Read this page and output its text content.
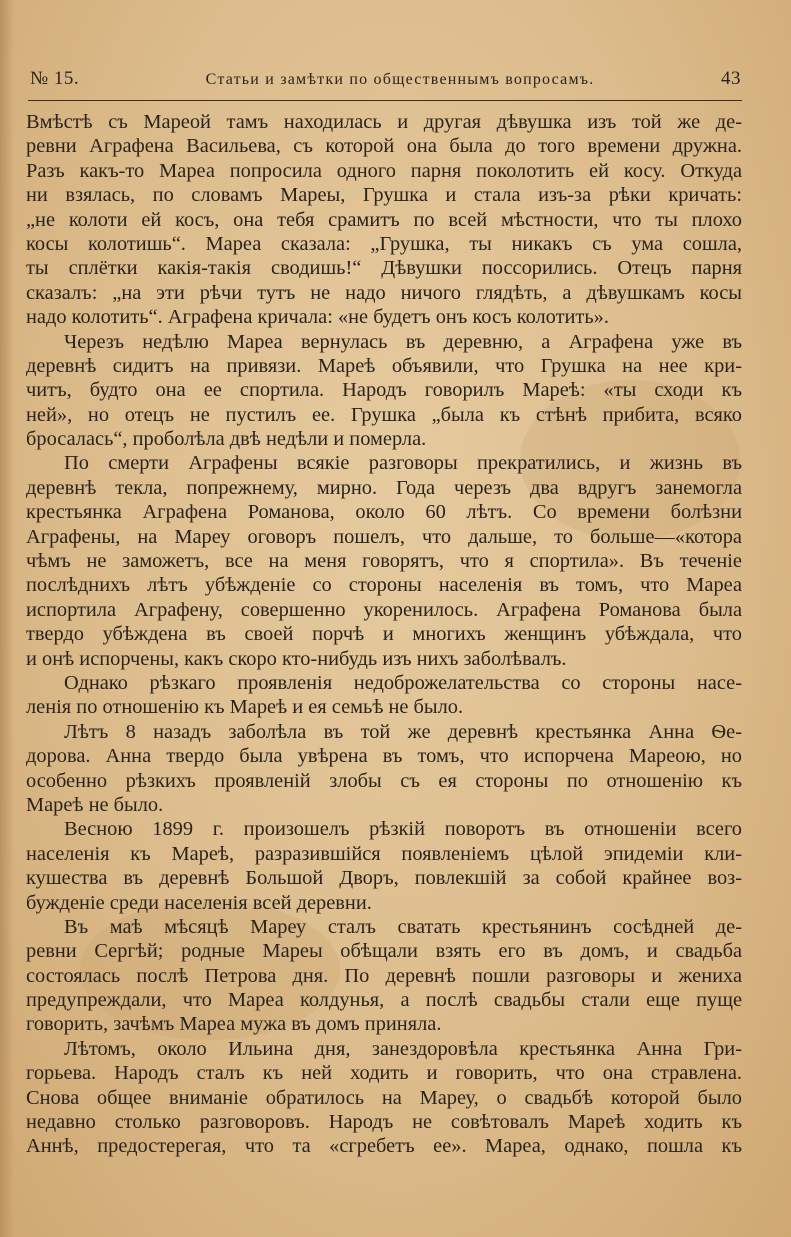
№ 15.	Статьи и замѣтки по общественнымъ вопросамъ.	43
Вмѣстѣ съ Мареой тамъ находилась и другая дѣвушка изъ той же де-
ревни Аграфена Васильева, съ которой она была до того времени дружна.
Разъ какъ-то Мареа попросила одного парня поколотить ей косу. Откуда
ни взялась, по словамъ Мареы, Грушка и стала изъ-за рѣки кричать:
„не колоти ей косъ, она тебя срамитъ по всей мѣстности, что ты плохо
косы колотишь“. Мареа сказала: „Грушка, ты никакъ съ ума сошла,
ты сплётки какія-такія сводишь!“ Дѣвушки поссорились. Отецъ парня
сказалъ: „на эти рѣчи тутъ не надо ничого глядѣть, а дѣвушкамъ косы
надо колотить“. Аграфена кричала: «не будетъ онъ косъ колотить».
Черезъ недѣлю Мареа вернулась въ деревню, а Аграфена уже въ
деревнѣ сидитъ на привязи. Мареѣ объявили, что Грушка на нее кри-
читъ, будто она ее спортила. Народъ говорилъ Мареѣ: «ты сходи къ
ней», но отецъ не пустилъ ее. Грушка „была къ стѣнѣ прибита, всяко
бросалась“, проболѣла двѣ недѣли и померла.
По смерти Аграфены всякіе разговоры прекратились, и жизнь въ
деревнѣ текла, попрежнему, мирно. Года черезъ два вдругъ занемогла
крестьянка Аграфена Романова, около 60 лѣтъ. Со времени болѣзни
Аграфены, на Мареу оговоръ пошелъ, что дальше, то больше—«котора
чѣмъ не заможетъ, все на меня говорятъ, что я спортила». Въ теченіе
послѣднихъ лѣтъ убѣжденіе со стороны населенія въ томъ, что Мареа
испортила Аграфену, совершенно укоренилось. Аграфена Романова была
твердо убѣждена въ своей порчѣ и многихъ женщинъ убѣждала, что
и онѣ испорчены, какъ скоро кто-нибудь изъ нихъ заболѣвалъ.
Однако рѣзкаго проявленія недоброжелательства со стороны насе-
ленія по отношенію къ Мареѣ и ея семьѣ не было.
Лѣтъ 8 назадъ заболѣла въ той же деревнѣ крестьянка Анна Ѳе-
дорова. Анна твердо была увѣрена въ томъ, что испорчена Мареою, но
особенно рѣзкихъ проявленій злобы съ ея стороны по отношенію къ
Мареѣ не было.
Весною 1899 г. произошелъ рѣзкій поворотъ въ отношеніи всего
населенія къ Мареѣ, разразившійся появленіемъ цѣлой эпидеміи кли-
кушества въ деревнѣ Большой Дворъ, повлекшій за собой крайнее воз-
бужденіе среди населенія всей деревни.
Въ маѣ мѣсяцѣ Мареу сталъ сватать крестьянинъ сосѣдней де-
ревни Сергѣй; родные Мареы обѣщали взять его въ домъ, и свадьба
состоялась послѣ Петрова дня. По деревнѣ пошли разговоры и жениха
предупреждали, что Мареа колдунья, а послѣ свадьбы стали еще пуще
говорить, зачѣмъ Мареа мужа въ домъ приняла.
Лѣтомъ, около Ильина дня, занездоровѣла крестьянка Анна Гри-
горьева. Народъ сталъ къ ней ходить и говорить, что она стравлена.
Снова общее вниманіе обратилось на Мареу, о свадьбѣ которой было
недавно столько разговоровъ. Народъ не совѣтовалъ Мареѣ ходить къ
Аннѣ, предостерегая, что та «сгребетъ ее». Мареа, однако, пошла къ
